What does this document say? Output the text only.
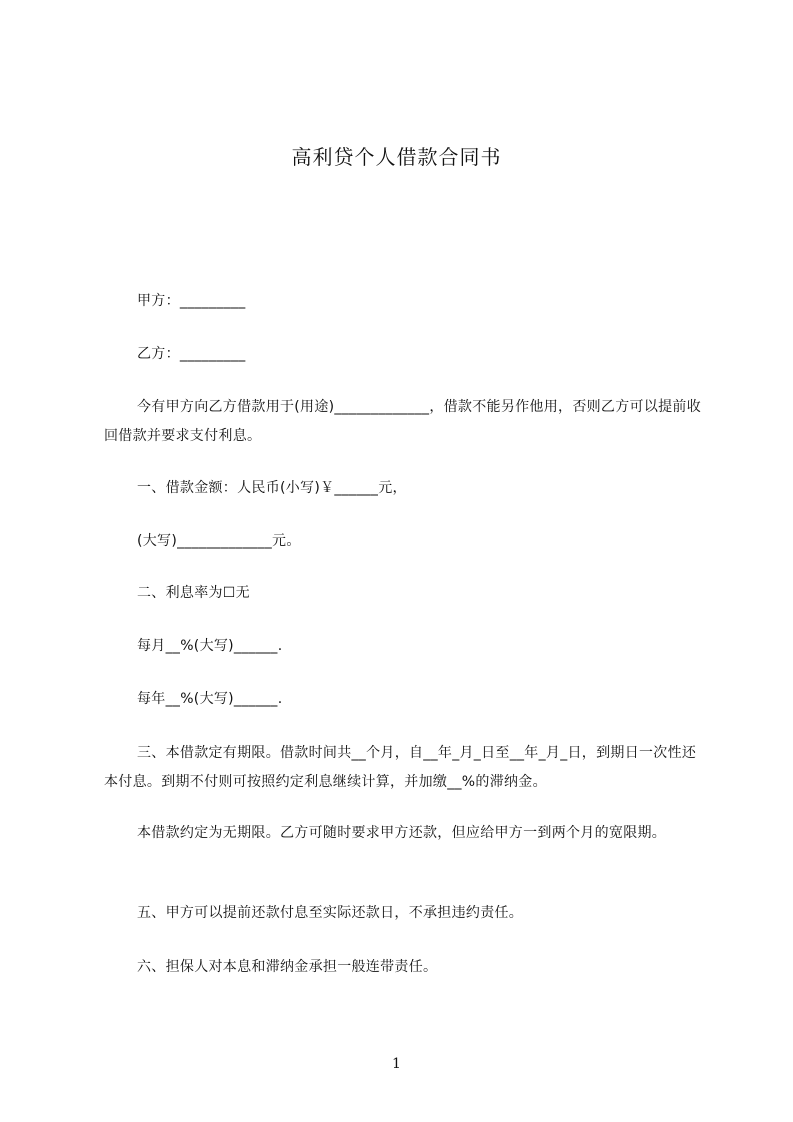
高利贷个人借款合同书
甲方：_________
乙方：_________
今有甲方向乙方借款用于(用途)_____________，借款不能另作他用，否则乙方可以提前收回借款并要求支付利息。
一、借款金额：人民币(小写)￥______元，
(大写)_____________元。
二、利息率为☐无
每月__%(大写)______.
每年__%(大写)______.
三、本借款定有期限。借款时间共__个月，自__年_月_日至__年_月_日，到期日一次性还本付息。到期不付则可按照约定利息继续计算，并加缴__%的滞纳金。
本借款约定为无期限。乙方可随时要求甲方还款，但应给甲方一到两个月的宽限期。
五、甲方可以提前还款付息至实际还款日，不承担违约责任。
六、担保人对本息和滞纳金承担一般连带责任。
1
